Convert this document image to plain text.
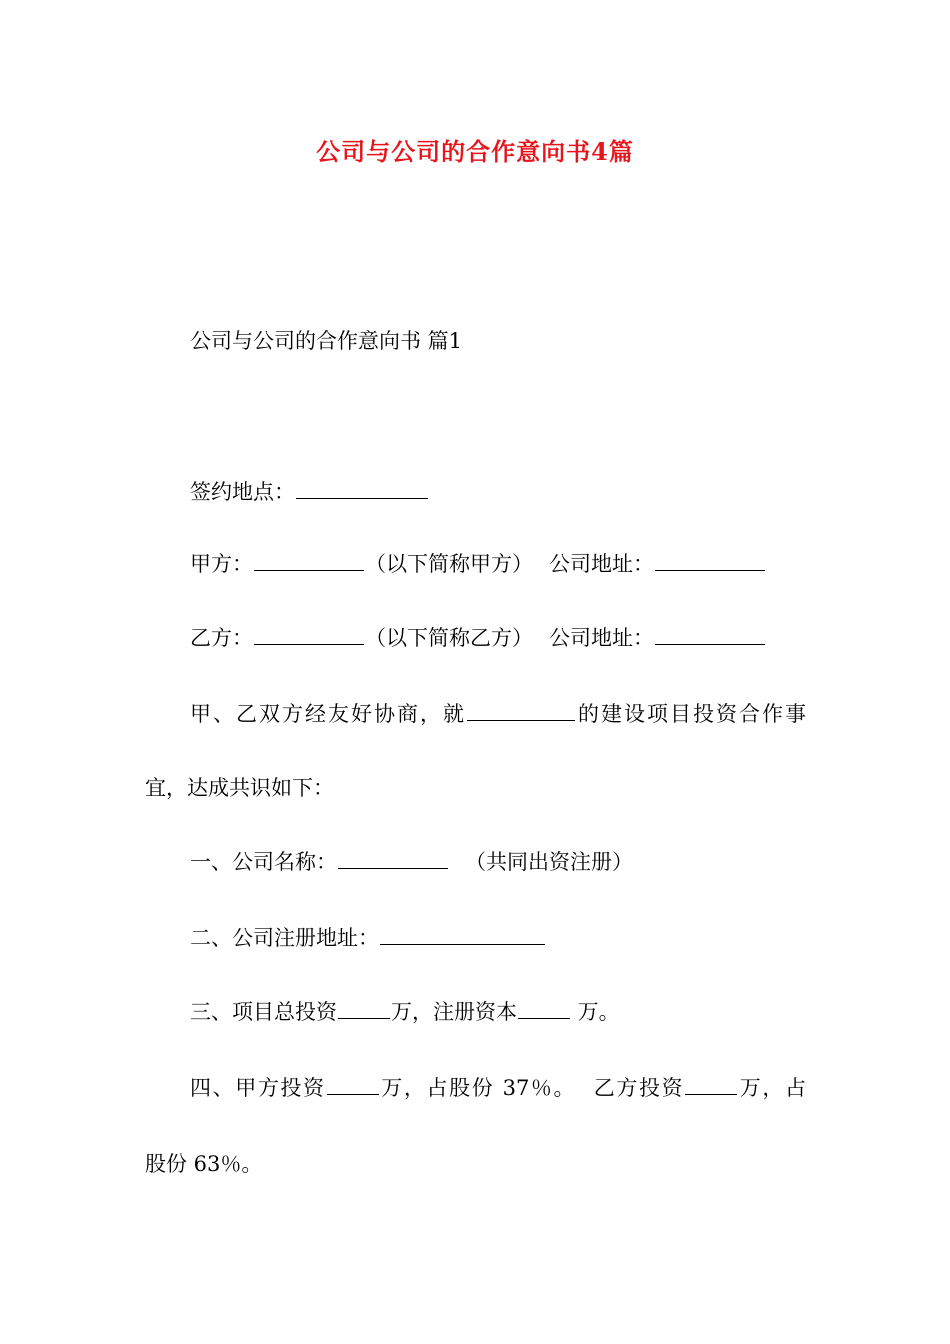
公司与公司的合作意向书4篇
公司与公司的合作意向书 篇1
签约地点：
甲方：	（以下简称甲方） 公司地址：
乙方：	（以下简称乙方） 公司地址：
甲、乙双方经友好协商，就	的建设项目投资合作事
宜，达成共识如下：
一、公司名称：	（共同出资注册）
二、公司注册地址：
三、项目总投资	万，注册资本	万。
四、甲方投资	万，占股份 37％。 乙方投资	万，占
股份 63％。
